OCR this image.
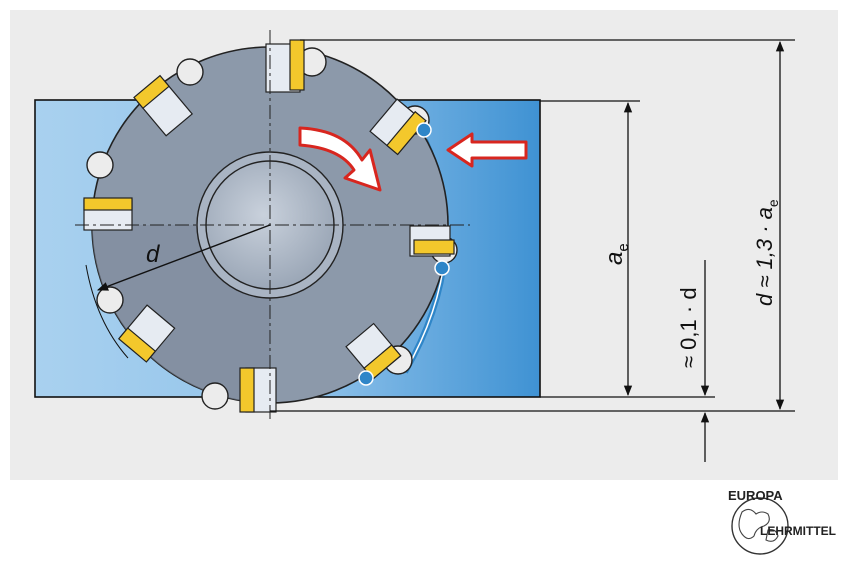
d	$a_e$
≈ 0,1 · d
$d \approx 1,3 \cdot a_e$
EUROPA
LEHRMITTEL
